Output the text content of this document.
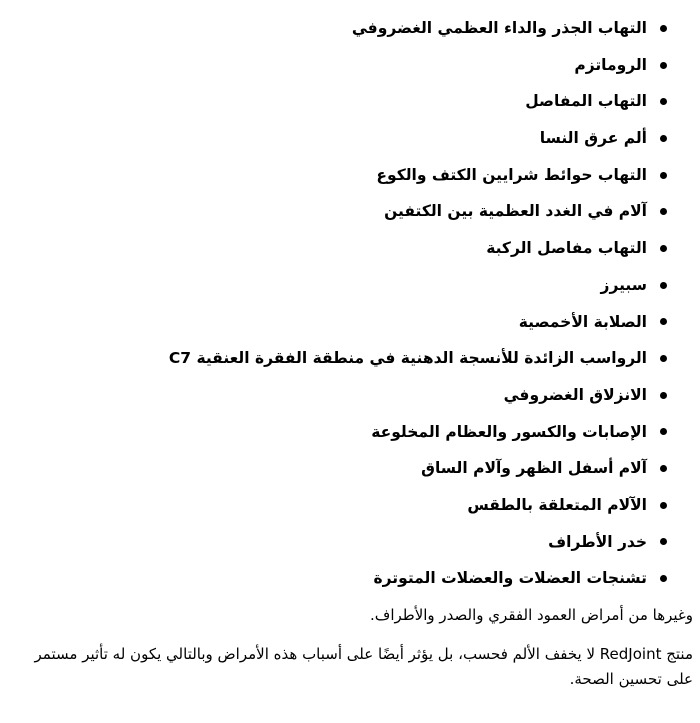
التهاب الجذر والداء العظمي الغضروفي
الروماتزم
التهاب المفاصل
ألم عرق النسا
التهاب حوائط شرايين الكتف والكوع
آلام في الغدد العظمية بين الكتفين
التهاب مفاصل الركبة
سبيرز
الصلابة الأخمصية
الرواسب الزائدة للأنسجة الدهنية في منطقة الفقرة العنقية C7
الانزلاق الغضروفي
الإصابات والكسور والعظام المخلوعة
آلام أسفل الظهر وآلام الساق
الآلام المتعلقة بالطقس
خدر الأطراف
تشنجات العضلات والعضلات المتوترة

وغيرها من أمراض العمود الفقري والصدر والأطراف.

منتج RedJoint لا يخفف الألم فحسب، بل يؤثر أيضًا على أسباب هذه الأمراض وبالتالي يكون له تأثير مستمر على تحسين الصحة.
